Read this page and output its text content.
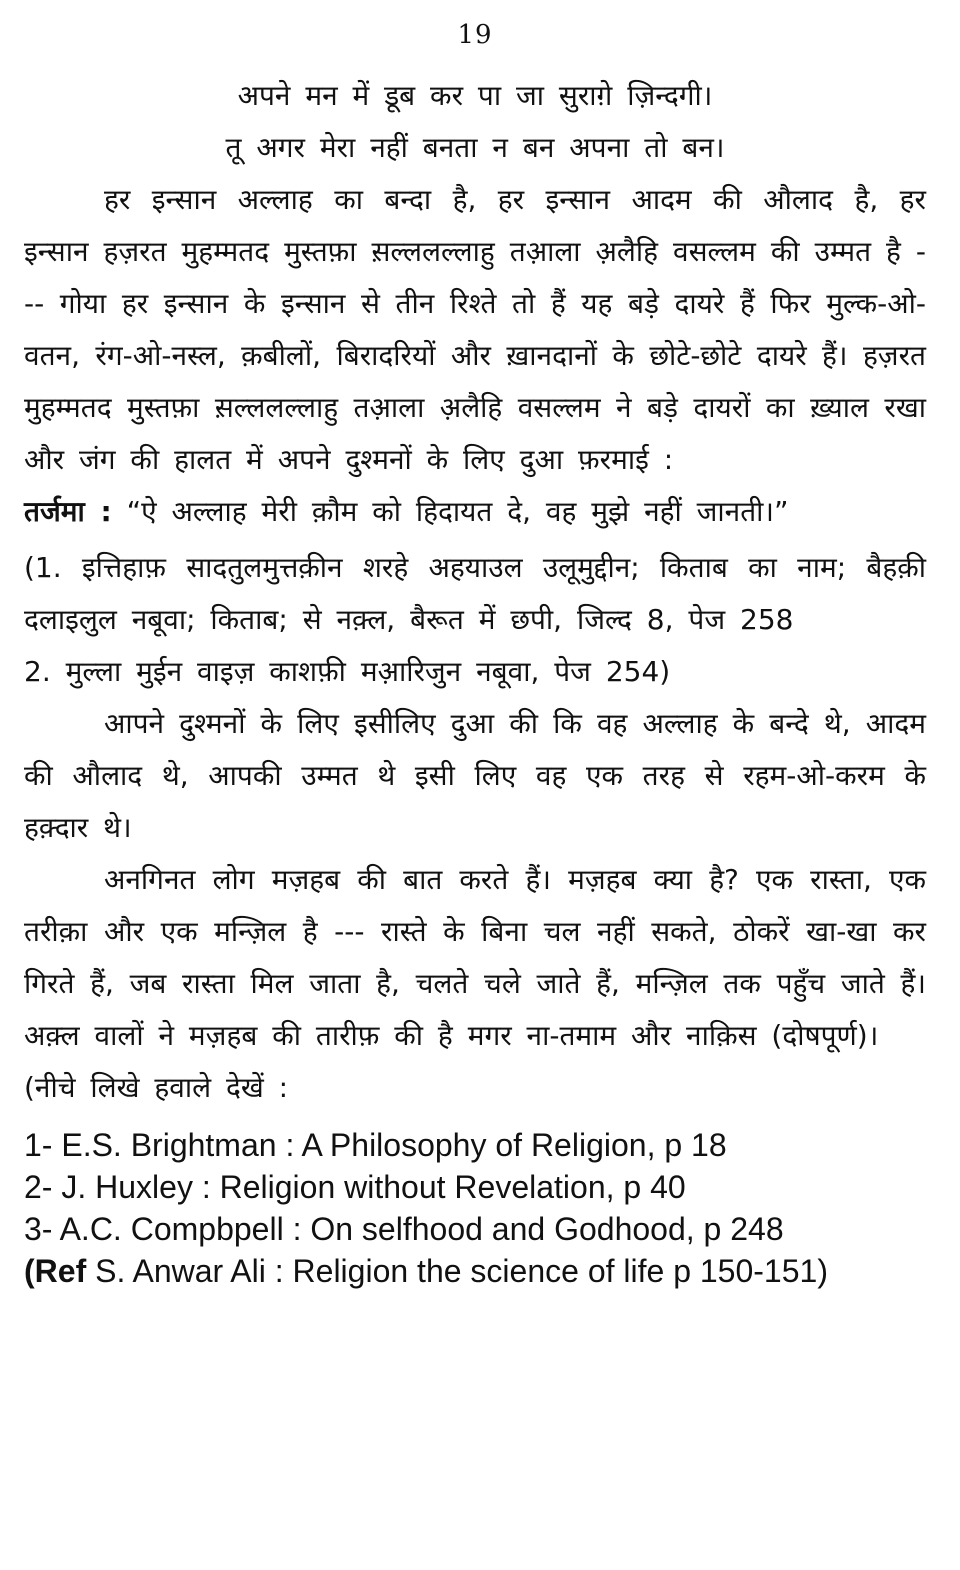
19

अपने मन में डूब कर पा जा सुराग़े ज़िन्दगी।

तू अगर मेरा नहीं बनता न बन अपना तो बन।

हर इन्सान अल्लाह का बन्दा है, हर इन्सान आदम की औलाद है, हर इन्सान हज़रत मुहम्मतद मुस्तफ़ा स़ल्ललल्लाहु तआ़ला अ़लैहि वसल्लम की उम्मत है --- गोया हर इन्सान के इन्सान से तीन रिश्ते तो हैं यह बड़े दायरे हैं फिर मुल्क-ओ-वतन, रंग-ओ-नस्ल, क़बीलों, बिरादरियों और ख़ानदानों के छोटे-छोटे दायरे हैं। हज़रत मुहम्मतद मुस्तफ़ा स़ल्ललल्लाहु तआ़ला अ़लैहि वसल्लम ने बड़े दायरों का ख़्याल रखा और जंग की हालत में अपने दुश्मनों के लिए दुआ फ़रमाई :

तर्जमा : “ऐ अल्लाह मेरी क़ौम को हिदायत दे, वह मुझे नहीं जानती।”

(1. इत्तिहाफ़ सादतुलमुत्तक़ीन शरहे अहयाउल उलूमुद्दीन; किताब का नाम; बैहक़ी दलाइलुल नबूवा; किताब; से नक़्ल, बैरूत में छपी, जिल्द 8, पेज 258

2. मुल्ला मुईन वाइज़ काशफ़ी मआ़रिजुन नबूवा, पेज 254)

आपने दुश्मनों के लिए इसीलिए दुआ की कि वह अल्लाह के बन्दे थे, आदम की औलाद थे, आपकी उम्मत थे इसी लिए वह एक तरह से रहम-ओ-करम के हक़्दार थे।

अनगिनत लोग मज़हब की बात करते हैं। मज़हब क्या है? एक रास्ता, एक तरीक़ा और एक मन्ज़िल है --- रास्ते के बिना चल नहीं सकते, ठोकरें खा-खा कर गिरते हैं, जब रास्ता मिल जाता है, चलते चले जाते हैं, मन्ज़िल तक पहुँच जाते हैं। अक़्ल वालों ने मज़हब की तारीफ़ की है मगर ना-तमाम और नाक़िस (दोषपूर्ण)।

(नीचे लिखे हवाले देखें :

1- E.S. Brightman : A Philosophy of Religion, p 18

2- J. Huxley : Religion without Revelation, p 40

3- A.C. Compbpell : On selfhood and Godhood, p 248

(Ref S. Anwar Ali : Religion the science of life p 150-151)
